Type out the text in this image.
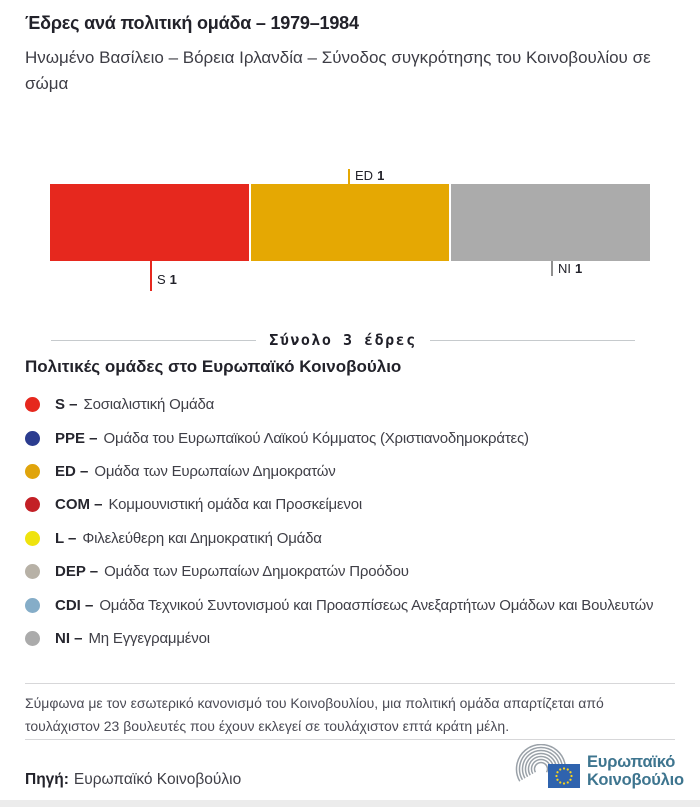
Έδρες ανά πολιτική ομάδα – 1979–1984

Ηνωμένο Βασίλειο – Βόρεια Ιρλανδία – Σύνοδος συγκρότησης του Κοινοβουλίου σε σώμα

ED 1
S 1
NI 1
Σύνολο 3 έδρες
Πολιτικές ομάδες στο Ευρωπαϊκό Κοινοβούλιο
S – Σοσιαλιστική Ομάδα
PPE – Ομάδα του Ευρωπαϊκού Λαϊκού Κόμματος (Χριστιανοδημοκράτες)
ED – Ομάδα των Ευρωπαίων Δημοκρατών
COM – Κομμουνιστική ομάδα και Προσκείμενοι
L – Φιλελεύθερη και Δημοκρατική Ομάδα
DEP – Ομάδα των Ευρωπαίων Δημοκρατών Προόδου
CDI – Ομάδα Τεχνικού Συντονισμού και Προασπίσεως Ανεξαρτήτων Ομάδων και Βουλευτών
NI – Μη Εγγεγραμμένοι

Σύμφωνα με τον εσωτερικό κανονισμό του Κοινοβουλίου, μια πολιτική ομάδα απαρτίζεται από τουλάχιστον 23 βουλευτές που έχουν εκλεγεί σε τουλάχιστον επτά κράτη μέλη.

Πηγή: Ευρωπαϊκό Κοινοβούλιο
Ευρωπαϊκό
Κοινοβούλιο
